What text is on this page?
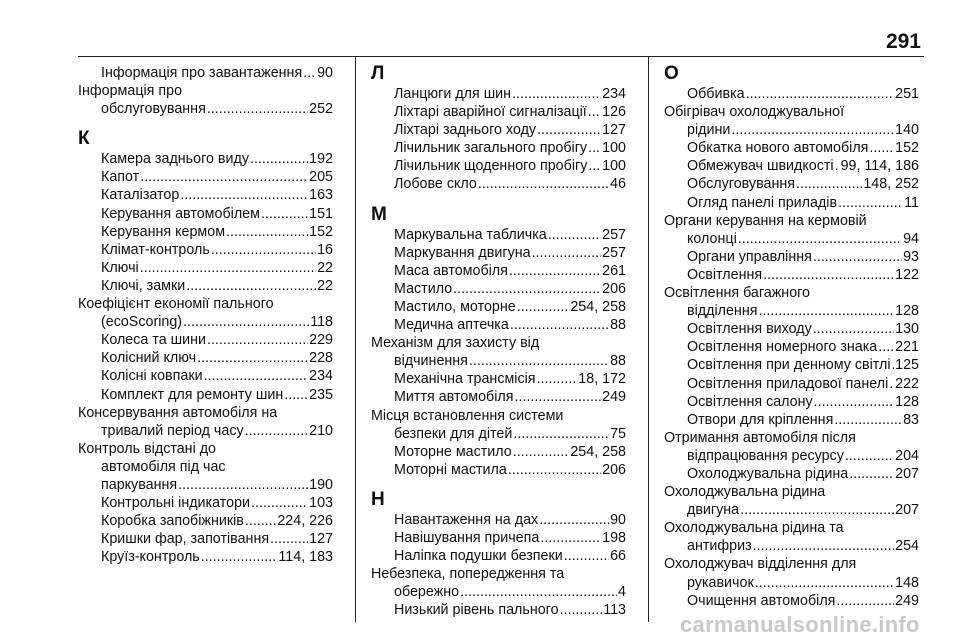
291
Інформація про завантаження ..... 90
Інформація про
обслуговування .....	252
К
Камера заднього виду .....	192
Капот .....	205
Каталізатор .....	163
Керування автомобілем .....	151
Керування кермом .....	152
Клімат-контроль .....	16
Ключі .....	22
Ключі, замки .....	22
Коефіцієнт економії пального
(ecoScoring) .....	118
Колеса та шини .....	229
Колісний ключ .....	228
Колісні ковпаки .....	234
Комплект для ремонту шин ..... 235
Консервування автомобіля на
тривалий період часу .....	210
Контроль відстані до
автомобіля під час
паркування .....	190
Контрольні індикатори .....	103
Коробка запобіжників ..... 224, 226
Кришки фар, запотівання .....	127
Круїз-контроль .....	114, 183
Л
Ланцюги для шин .....	234
Ліхтарі аварійної сигналізації ..... 126
Ліхтарі заднього ходу .....	127
Лічильник загального пробігу ..... 100
Лічильник щоденного пробігу ..... 100
Лобове скло .....	46
М
Маркувальна табличка .....	257
Маркування двигуна .....	257
Маса автомобіля .....	261
Мастило .....	206
Мастило, моторне .....	254, 258
Медична аптечка .....	88
Механізм для захисту від
відчинення .....	88
Механічна трансмісія .....	18, 172
Миття автомобіля .....	249
Місця встановлення системи
безпеки для дітей .....	75
Моторне мастило .....	254, 258
Моторні мастила .....	206
Н
Навантаження на дах .....	90
Навішування причепа .....	198
Наліпка подушки безпеки .....	66
Небезпека, попередження та
обережно .....	4
Низький рівень пального .....	113
О
Оббивка .....	251
Обігрівач охолоджувальної
рідини .....	140
Обкатка нового автомобіля ..... 152
Обмежувач швидкості ..... 99, 114, 186
Обслуговування .....	148, 252
Огляд панелі приладів .....	11
Органи керування на кермовій
колонці .....	94
Органи управління .....	93
Освітлення .....	122
Освітлення багажного
відділення .....	128
Освітлення виходу .....	130
Освітлення номерного знака ..... 221
Освітлення при денному світлі ..... 125
Освітлення приладової панелі ..... 222
Освітлення салону .....	128
Отвори для кріплення .....	83
Отримання автомобіля після
відпрацювання ресурсу .....	204
Охолоджувальна рідина .....	207
Охолоджувальна рідина
двигуна .....	207
Охолоджувальна рідина та
антифриз .....	254
Охолоджувач відділення для
рукавичок .....	148
Очищення автомобіля .....	249
carmanualsonline.info
